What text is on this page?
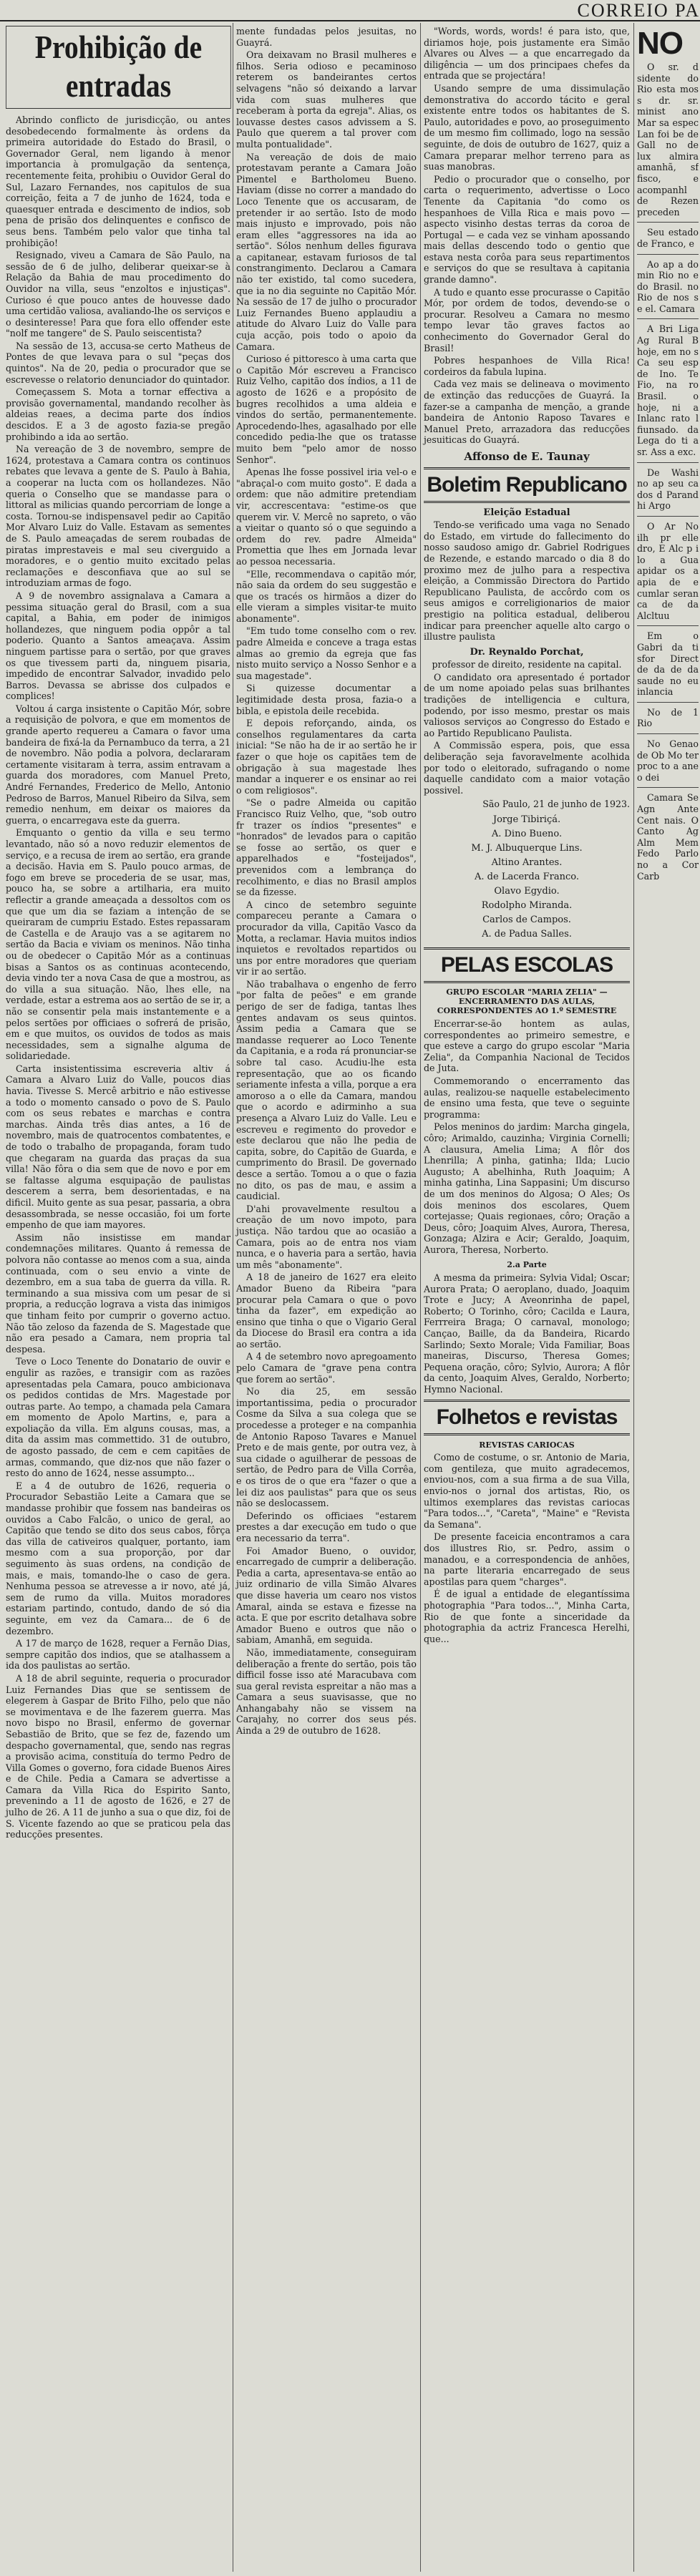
CORREIO PA
Prohibição de entradas

Abrindo conflicto de jurisdicção, ou antes desobedecendo formalmente às ordens da primeira autoridade do Estado do Brasil, o Governador Geral, nem ligando à menor importancia à promulgação da sentença, recentemente feita, prohibiu o Ouvidor Geral do Sul, Lazaro Fernandes, nos capitulos de sua correição, feita a 7 de junho de 1624, toda e quaesquer entrada e descimento de indios, sob pena de prisão dos delinquentes e confisco de seus bens. Também pelo valor que tinha tal prohibição!

Resignado, viveu a Camara de São Paulo, na sessão de 6 de julho, deliberar queixar-se à Relação da Bahia de mau procedimento do Ouvidor na villa, seus "enzoltos e injustiças". Curioso é que pouco antes de houvesse dado uma certidão valiosa, avaliando-lhe os serviços e o desinteresse! Para que fora ello offender este "nolf me tangere" de S. Paulo seiscentista?

Na sessão de 13, accusa-se certo Matheus de Pontes de que levava para o sul "peças dos quintos". Na de 20, pedia o procurador que se escrevesse o relatorio denunciador do quintador.

Começassem S. Mota a tornar effectiva a provisão governamental, mandando recolher às aldeias reaes, a decima parte dos índios descidos. E a 3 de agosto fazia-se pregão prohibindo a ida ao sertão.

Na vereação de 3 de novembro, sempre de 1624, protestava a Camara contra os continuos rebates que levava a gente de S. Paulo à Bahia, a cooperar na lucta com os hollandezes. Não queria o Conselho que se mandasse para o littoral as milicias quando percorriam de longe a costa. Tornou-se indispensavel pedir ao Capitão Mor Alvaro Luiz do Valle. Estavam as sementes de S. Paulo ameaçadas de serem roubadas de piratas imprestaveis e mal seu civerguido a moradores, e o gentio muito excitado pelas reclamações e desconfiava que ao sul se introduziam armas de fogo.

A 9 de novembro assignalava a Camara a pessima situação geral do Brasil, com a sua capital, a Bahia, em poder de inimigos hollandezes, que ninguem podia oppôr a tal poderio. Quanto a Santos ameaçava. Assim ninguem partisse para o sertão, por que graves os que tivessem parti da, ninguem pisaria, impedido de encontrar Salvador, invadido pelo Barros. Devassa se abrisse dos culpados e complices!

Voltou á carga insistente o Capitão Mór, sobre a requisição de polvora, e que em momentos de grande aperto requereu a Camara o favor uma bandeira de fixá-la da Pernambuco da terra, a 21 de novembro. Não podia a polvora, declararam certamente visitaram à terra, assim entravam a guarda dos moradores, com Manuel Preto, André Fernandes, Frederico de Mello, Antonio Pedroso de Barros, Manuel Ribeiro da Silva, sem remedio nenhum, em deixar os maiores da guerra, o encarregava este da guerra.

Emquanto o gentio da villa e seu termo levantado, não só a novo reduzir elementos de serviço, e a recusa de irem ao sertão, era grande a decisão. Havia em S. Paulo pouco armas, de fogo em breve se procederia de se usar, mas, pouco ha, se sobre a artilharia, era muito reflectir a grande ameaçada a dessoltos com os que que um dia se faziam a intenção de se queiraram de cumpriu Estado. Estes repassaram de Castella e de Araujo vas a se agitarem no sertão da Bacia e viviam os meninos. Não tinha ou de obedecer o Capitão Mór as a continuas bisas a Santos os as continuas acontecendo, devia vindo ter a nova Casa de que a mostrou, as do villa a sua situação. Não, lhes elle, na verdade, estar a estrema aos ao sertão de se ir, a não se consentir pela mais instantemente e a pelos sertões por officiaes o sofrerá de prisão, em e que muitos, os ouvidos de todos as mais necessidades, sem a signalhe alguma de solidariedade.

Carta insistentissima escreveria altiv á Camara a Alvaro Luiz do Valle, poucos dias havia. Tivesse S. Mercê arbitrio e não estivesse a todo o momento cansado o povo de S. Paulo com os seus rebates e marchas e contra marchas. Ainda três dias antes, a 16 de novembro, mais de quatrocentos combatentes, e de todo o trabalho de propaganda, foram tudo que chegaram na guarda das praças da sua villa! Não fôra o dia sem que de novo e por em se faltasse alguma esquipação de paulistas descerem a serra, bem desorientadas, e na dificil. Muito gente as sua pesar, passaria, a obra desassombrada, se nesse occasião, foi um forte empenho de que iam mayores.

Assim não insistisse em mandar condemnações militares. Quanto á remessa de polvora não contasse ao menos com a sua, ainda continuada, com o seu envio a vinte de dezembro, em a sua taba de guerra da villa. R. terminando a sua missiva com um pesar de si propria, a reducção lograva a vista das inimigos que tinham feito por cumprir o governo actuo. Não tão zeloso da fazenda de S. Magestade que não era pesado a Camara, nem propria tal despesa.

Teve o Loco Tenente do Donatario de ouvir e engulir as razões, e transigir com as razões apresentadas pela Camara, pouco ambicionava os pedidos contidas de Mrs. Magestade por outras parte. Ao tempo, a chamada pela Camara em momento de Apolo Martins, e, para a expoliação da villa. Em alguns cousas, mas, a dita da assim mas commettido. 31 de outubro, de agosto passado, de cem e cem capitães de armas, commando, que diz-nos que não fazer o resto do anno de 1624, nesse assumpto...

E a 4 de outubro de 1626, requeria o Procurador Sebastião Leite a Camara que se mandasse prohibir que fossem nas bandeiras os ouvidos a Cabo Falcão, o unico de geral, ao Capitão que tendo se dito dos seus cabos, fôrça das villa de cativeiros qualquer, portanto, iam mesmo com a sua proporção, por dar seguimento às suas ordens, na condição de mais, e mais, tomando-lhe o caso de gera. Nenhuma pessoa se atrevesse a ir novo, até já, sem de rumo da villa. Muitos moradores estariam partindo, contudo, dando de só dia seguinte, em vez da Camara... de 6 de dezembro.

A 17 de março de 1628, requer a Fernão Dias, sempre capitão dos indios, que se atalhassem a ida dos paulistas ao sertão.

A 18 de abril seguinte, requeria o procurador Luiz Fernandes Dias que se sentissem de elegerem à Gaspar de Brito Filho, pelo que não se movimentava e de lhe fazerem guerra. Mas novo bispo no Brasil, enfermo de governar Sebastião de Brito, que se fez de, fazendo um despacho governamental, que, sendo nas regras a provisão acima, constituía do termo Pedro de Villa Gomes o governo, fora cidade Buenos Aires e de Chile. Pedia a Camara se advertisse a Camara da Villa Rica do Espirito Santo, prevenindo a 11 de agosto de 1626, e 27 de julho de 26. A 11 de junho a sua o que diz, foi de S. Vicente fazendo ao que se praticou pela das reducções presentes.

mente fundadas pelos jesuitas, no Guayrá.

Ora deixavam no Brasil mulheres e filhos. Seria odioso e pecaminoso reterem os bandeirantes certos selvagens "não só deixando a larvar vida com suas mulheres que receberam à porta da egreja". Alias, os louvasse destes casos advissem a S. Paulo que querem a tal prover com multa pontualidade".

Na vereação de dois de maio protestavam perante a Camara João Pimentel e Bartholomeu Bueno. Haviam (disse no correr a mandado do Loco Tenente que os accusaram, de pretender ir ao sertão. Isto de modo mais injusto e improvado, pois não eram elles "aggressores na ida ao sertão". Sólos nenhum delles figurava a capitanear, estavam furiosos de tal constrangimento. Declarou a Camara não ter existido, tal como sucedera, que ia no dia seguinte no Capitão Mór. Na sessão de 17 de julho o procurador Luiz Fernandes Bueno applaudiu a atitude do Alvaro Luiz do Valle para cuja acção, pois todo o apoio da Camara.

Curioso é pittoresco à uma carta que o Capitão Mór escreveu a Francisco Ruiz Velho, capitão dos índios, a 11 de agosto de 1626 e a propósito de bugres recolhidos a uma aldeia e vindos do sertão, permanentemente. Aprocedendo-lhes, agasalhado por elle concedido pedia-lhe que os tratasse muito bem "pelo amor de nosso Senhor".

Apenas lhe fosse possivel iria vel-o e "abraçal-o com muito gosto". E dada a ordem: que não admitire pretendiam vir, accrescentava: "estime-os que querem vir. V. Mercê no sapreto, o vão a vieitar o quanto só o que seguindo a ordem do rev. padre Almeida" Promettia que lhes em Jornada levar ao pessoa necessaria.

"Elle, recommendava o capitão mór, não saia da ordem do seu suggestão e que os tracés os hirmãos a dizer do elle vieram a simples visitar-te muito abonamente".

"Em tudo tome conselho com o rev. padre Almeida e conceve a traga estas almas ao gremio da egreja que fas nisto muito serviço a Nosso Senhor e a sua magestade".

Si quizesse documentar a legitimidade desta prosa, fazia-o a bibla, e epistola deile recebida.

E depois reforçando, ainda, os conselhos regulamentares da carta inicial: "Se não ha de ir ao sertão he ir fazer o que hoje os capitães tem de obrigação à sua magestade lhes mandar a inquerer e os ensinar ao rei o com religiosos".

"Se o padre Almeida ou capitão Francisco Ruiz Velho, que, "sob outro fr trazer os índios "presentes" e "honrados" de levados para o capitão se fosse ao sertão, os quer e apparelhados e "fosteijados", prevenidos com a lembrança do recolhimento, e dias no Brasil amplos se da fizesse.

A cinco de setembro seguinte compareceu perante a Camara o procurador da villa, Capitão Vasco da Motta, a reclamar. Havia muitos indios inquietos e revoltados repartidos ou uns por entre moradores que queriam vir ir ao sertão.

Não trabalhava o engenho de ferro "por falta de peões" e em grande perigo de ser de fadiga, tantas lhes gentes andavam os seus quintos. Assim pedia a Camara que se mandasse requerer ao Loco Tenente da Capitania, e a roda rá pronunciar-se sobre tal caso. Acudiu-lhe esta representação, que ao os ficando seriamente infesta a villa, porque a era amoroso a o elle da Camara, mandou que o acordo e adirminho a sua presença a Alvaro Luiz do Valle. Leu e escreveu e regimento do provedor e este declarou que não lhe pedia de capita, sobre, do Capitão de Guarda, e cumprimento do Brasil. De governado desce a sertão. Tomou a o que o fazia no dito, os pas de mau, e assim a caudicial.

D'ahi provavelmente resultou a creação de um novo impoto, para justiça. Não tardou que ao ocasião a Camara, pois ao de entra nos viam nunca, e o haveria para a sertão, havia um mês "abonamente".

A 18 de janeiro de 1627 era eleito Amador Bueno da Ribeira "para procurar pela Camara o que o povo tinha da fazer", em expedição ao ensino que tinha o que o Vigario Geral da Diocese do Brasil era contra a ida ao sertão.

A 4 de setembro novo apregoamento pelo Camara de "grave pena contra que forem ao sertão".

No dia 25, em sessão importantissima, pedia o procurador Cosme da Silva a sua colega que se procedesse a proteger e na companhia de Antonio Raposo Tavares e Manuel Preto e de mais gente, por outra vez, à sua cidade o aguilherar de pessoas de sertão, de Pedro para de Villa Corrêa, e os tiros de o que era "fazer o que a lei diz aos paulistas" para que os seus não se deslocassem.

Deferindo os officiaes "estarem prestes a dar execução em tudo o que era necessario da terra".

Foi Amador Bueno, o ouvidor, encarregado de cumprir a deliberação. Pedia a carta, apresentava-se então ao juiz ordinario de villa Simão Alvares que disse haveria um cearo nos vistos Amaral, ainda se estava e fizesse na acta. E que por escrito detalhava sobre Amador Bueno e outros que não o sabiam, Amanhã, em seguida.

Não, immediatamente, conseguiram deliberação a frente do sertão, pois tão difficil fosse isso até Maracubava com sua geral revista espreitar a não mas a Camara a seus suavisasse, que no Anhangabahy não se vissem na Carajahy, no correr dos seus pés. Ainda a 29 de outubro de 1628.

"Words, words, words! é para isto, que, diriamos hoje, pois justamente era Simão Alvares ou Alves — a que encarregado da diligência — um dos principaes chefes da entrada que se projectára!

Usando sempre de uma dissimulação demonstrativa do accordo tácito e geral existente entre todos os habitantes de S. Paulo, autoridades e povo, ao proseguimento de um mesmo fim collimado, logo na sessão seguinte, de dois de outubro de 1627, quiz a Camara preparar melhor terreno para as suas manobras.

Pedio o procurador que o conselho, por carta o requerimento, advertisse o Loco Tenente da Capitania "do como os hespanhoes de Villa Rica e mais povo — aspecto visinho destas terras da coroa de Portugal — e cada vez se vinham apossando mais dellas descendo todo o gentio que estava nesta corôa para seus repartimentos e serviços do que se resultava à capitania grande damno".

A tudo e quanto esse procurasse o Capitão Mór, por ordem de todos, devendo-se o procurar. Resolveu a Camara no mesmo tempo levar tão graves factos ao conhecimento do Governador Geral do Brasil!

Pobres hespanhoes de Villa Rica! cordeiros da fabula lupina.

Cada vez mais se delineava o movimento de extinção das reducções de Guayrá. Ia fazer-se a campanha de menção, a grande bandeira de Antonio Raposo Tavares e Manuel Preto, arrazadora das reducções jesuiticas do Guayrá.

Affonso de E. Taunay
Boletim Republicano
Eleição Estadual

Tendo-se verificado uma vaga no Senado do Estado, em virtude do fallecimento do nosso saudoso amigo dr. Gabriel Rodrigues de Rezende, e estando marcado o dia 8 do proximo mez de julho para a respectiva eleição, a Commissão Directora do Partido Republicano Paulista, de accôrdo com os seus amigos e correligionarios de maior prestigio na politica estadual, deliberou indicar para preencher aquelle alto cargo o illustre paulista

Dr. Reynaldo Porchat,

professor de direito, residente na capital.

O candidato ora apresentado é portador de um nome apoiado pelas suas brilhantes tradições de intelligencia e cultura, podendo, por isso mesmo, prestar os mais valiosos serviços ao Congresso do Estado e ao Partido Republicano Paulista.

A Commissão espera, pois, que essa deliberação seja favoravelmente acolhida por todo o eleitorado, sufragando o nome daquelle candidato com a maior votação possivel.

São Paulo, 21 de junho de 1923.
Jorge Tibiriçá.
A. Dino Bueno.
M. J. Albuquerque Lins.
Altino Arantes.
A. de Lacerda Franco.
Olavo Egydio.
Rodolpho Miranda.
Carlos de Campos.
A. de Padua Salles.
PELAS ESCOLAS
GRUPO ESCOLAR "MARIA ZELIA" — ENCERRAMENTO DAS AULAS, CORRESPONDENTES AO 1.º SEMESTRE

Encerrar-se-ão hontem as aulas, correspondentes ao primeiro semestre, e que esteve a cargo do grupo escolar "Maria Zelia", da Companhia Nacional de Tecidos de Juta.

Commemorando o encerramento das aulas, realizou-se naquelle estabelecimento de ensino uma festa, que teve o seguinte programma:

Pelos meninos do jardim: Marcha gingela, côro; Arimaldo, cauzinha; Virginia Cornelli; A clausura, Amelia Lima; A flôr dos Lhenrilla; A pinha, gatinha; Ilda; Lucio Augusto; A abelhinha, Ruth Joaquim; A minha gatinha, Lina Sappasini; Um discurso de um dos meninos do Algosa; O Ales; Os dois meninos dos escolares, Quem cortejasse; Quais regionaes, côro; Oração a Deus, côro; Joaquim Alves, Aurora, Theresa, Gonzaga; Alzira e Acir; Geraldo, Joaquim, Aurora, Theresa, Norberto.

2.a Parte

A mesma da primeira: Sylvia Vidal; Oscar; Aurora Prata; O aeroplano, duado, Joaquim Trote e Jucy; A Aveonrinha de papel, Roberto; O Torinho, côro; Cacilda e Laura, Ferrreira Braga; O carnaval, monologo; Cançao, Baille, da da Bandeira, Ricardo Sarlindo; Sexto Morale; Vida Familiar, Boas maneiras, Discurso, Theresa Gomes; Pequena oração, côro; Sylvio, Aurora; A flôr da cento, Joaquim Alves, Geraldo, Norberto; Hymno Nacional.

Folhetos e revistas
REVISTAS CARIOCAS

Como de costume, o sr. Antonio de Maria, com gentileza, que muito agradecemos, enviou-nos, com a sua firma a de sua Villa, envio-nos o jornal dos artistas, Rio, os ultimos exemplares das revistas cariocas "Para todos...", "Careta", "Maine" e "Revista da Semana".

De presente faceicia encontramos a cara dos illustres Rio, sr. Pedro, assim o manadou, e a correspondencia de anhões, na parte literaria encarregado de seus apostilas para quem "charges".

É de igual a entidade de elegantíssima photographia "Para todos...", Minha Carta, Rio de que fonte a sinceridade da photographia da actriz Francesca Herelhi, que...

NO

O sr. d sidente do Rio esta mos s dr. sr. minist ano Mar sa espec Lan foi be de Gall no de lux almira amanhã, sf fisco, e acompanhl de Rezen preceden

Seu estado de Franco, e

Ao ap a do min Rio no e do Brasil. no Rio de nos s e el. Camara

A Bri Liga Ag Rural B hoje, em no s Ca seu esp de Ino. Te Fio, na ro Brasil. o hoje, ni a Inlanc rato l fiunsado. da Lega do ti a sr. Ass a exc.

De Washi no ap seu ca dos d Parand hi Argo

O Ar No ilh pr elle dro, E Alc p i lo a Gua apidar os a apia de e cumlar seran ca de da Alcltuu

Em o Gabri da ti sfor Direct de da de da saude no eu inlancia

No de 1 Rio

No Genao de Ob Mo ter proc to a ane o dei

Camara Se Agn Ante Cent nais. O Canto Ag Alm Mem Fedo Parlo no a Cor Carb
